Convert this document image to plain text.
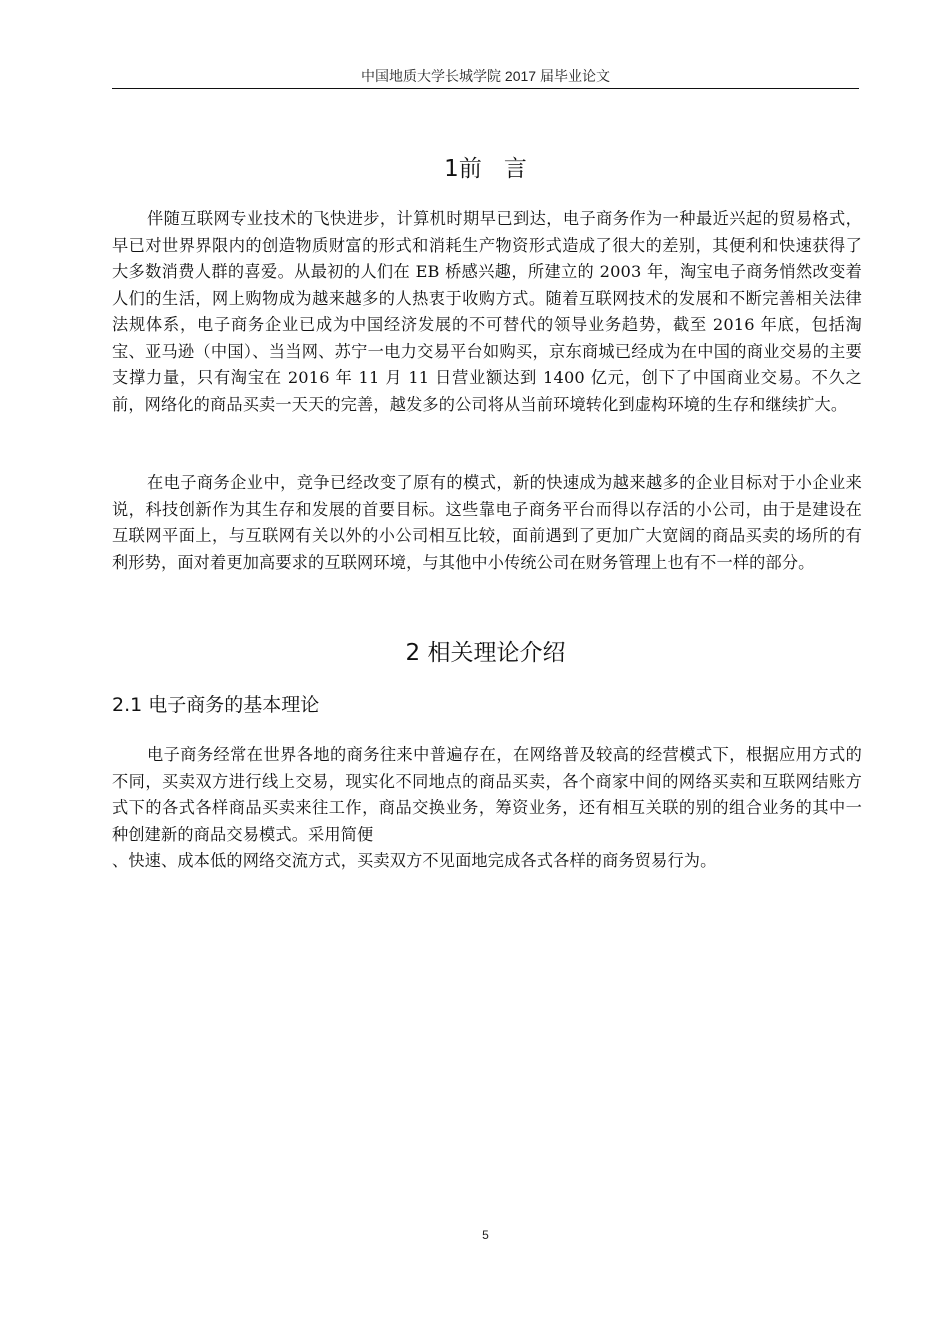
中国地质大学长城学院 2017 届毕业论文
1前 言

伴随互联网专业技术的飞快进步，计算机时期早已到达，电子商务作为一种最近兴起的贸易格式，早已对世界界限内的创造物质财富的形式和消耗生产物资形式造成了很大的差别，其便利和快速获得了大多数消费人群的喜爱。从最初的人们在 EB 桥感兴趣，所建立的 2003 年，淘宝电子商务悄然改变着人们的生活，网上购物成为越来越多的人热衷于收购方式。随着互联网技术的发展和不断完善相关法律法规体系，电子商务企业已成为中国经济发展的不可替代的领导业务趋势，截至 2016 年底，包括淘宝、亚马逊（中国）、当当网、苏宁一电力交易平台如购买，京东商城已经成为在中国的商业交易的主要支撑力量，只有淘宝在 2016 年 11 月 11 日营业额达到 1400 亿元，创下了中国商业交易。不久之前，网络化的商品买卖一天天的完善，越发多的公司将从当前环境转化到虚构环境的生存和继续扩大。

在电子商务企业中，竞争已经改变了原有的模式，新的快速成为越来越多的企业目标对于小企业来说，科技创新作为其生存和发展的首要目标。这些靠电子商务平台而得以存活的小公司，由于是建设在互联网平面上，与互联网有关以外的小公司相互比较，面前遇到了更加广大宽阔的商品买卖的场所的有利形势，面对着更加高要求的互联网环境，与其他中小传统公司在财务管理上也有不一样的部分。

2 相关理论介绍
2.1 电子商务的基本理论

电子商务经常在世界各地的商务往来中普遍存在，在网络普及较高的经营模式下，根据应用方式的不同，买卖双方进行线上交易，现实化不同地点的商品买卖，各个商家中间的网络买卖和互联网结账方式下的各式各样商品买卖来往工作，商品交换业务，筹资业务，还有相互关联的别的组合业务的其中一种创建新的商品交易模式。采用简便

、快速、成本低的网络交流方式，买卖双方不见面地完成各式各样的商务贸易行为。

5
